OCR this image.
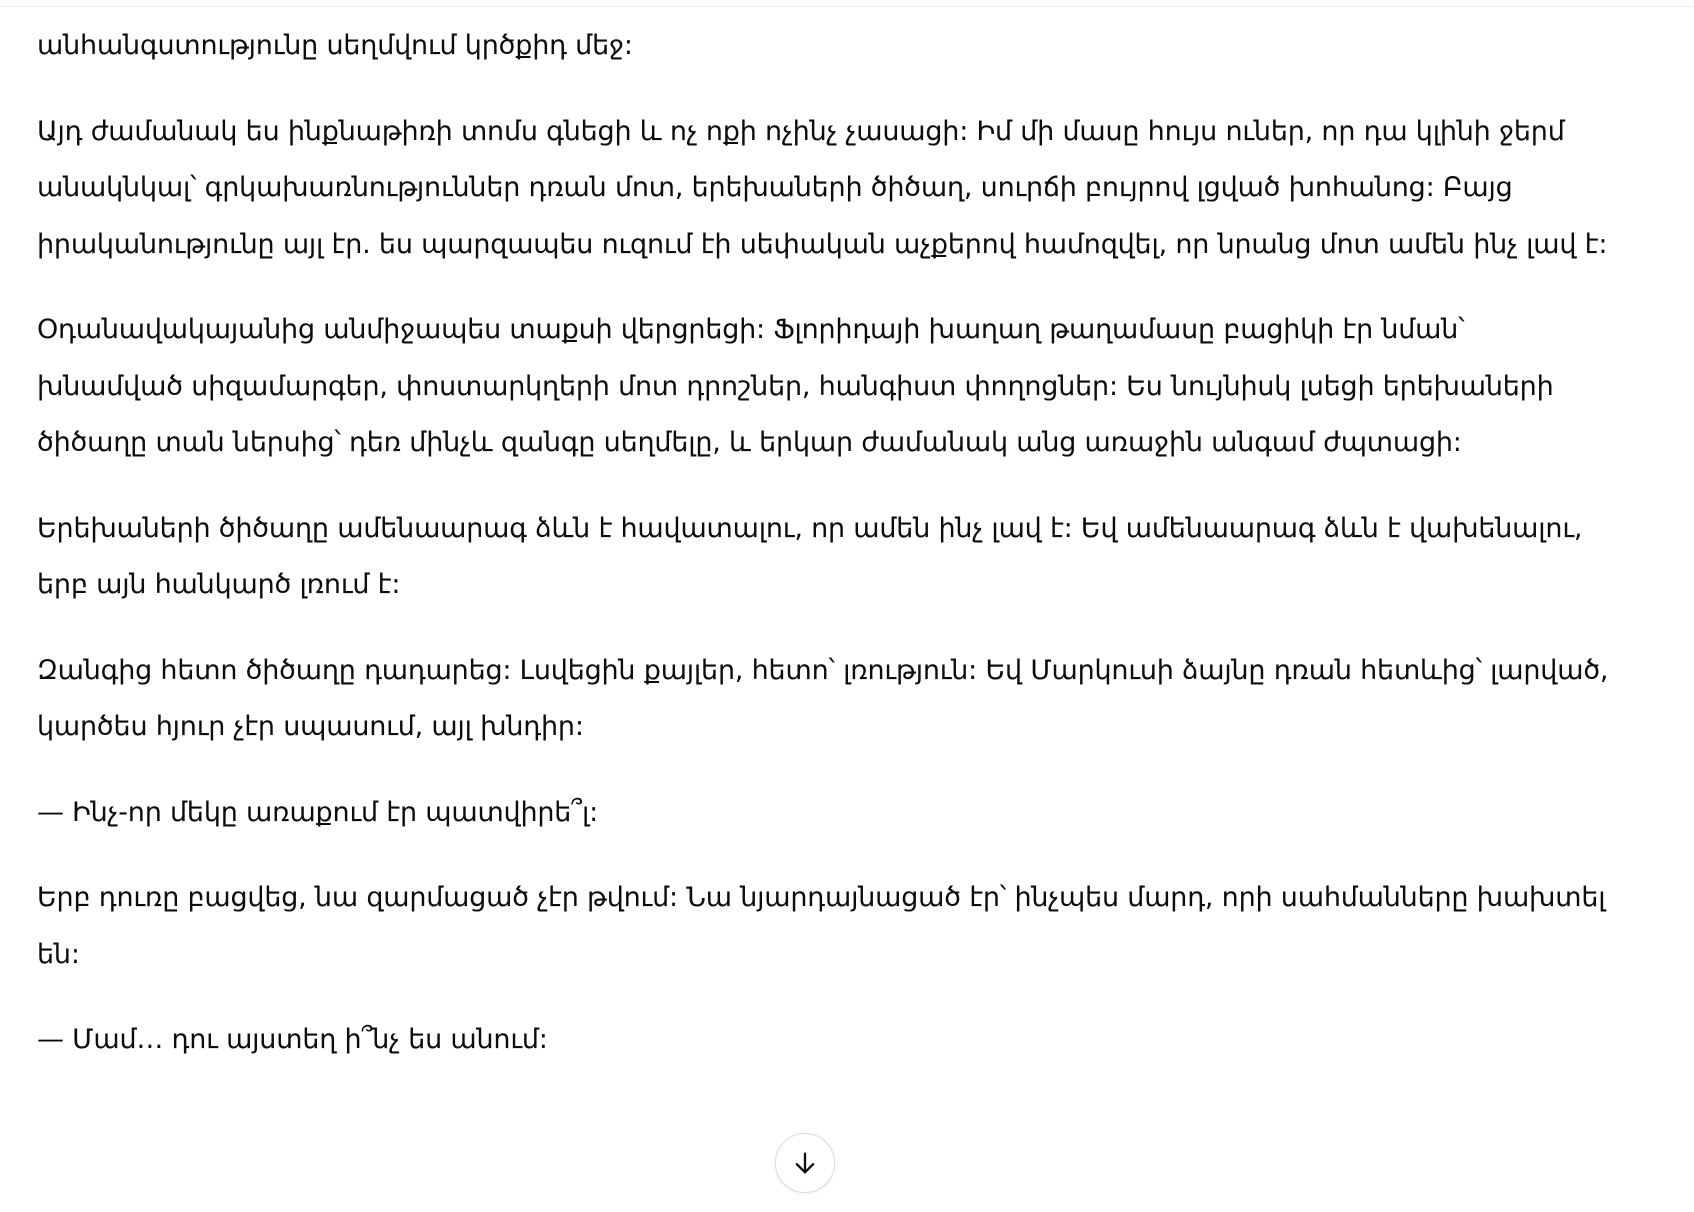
անհանգստությունը սեղմվում կրծքիդ մեջ:

Այդ ժամանակ ես ինքնաթիռի տոմս գնեցի և ոչ ոքի ոչինչ չասացի: Իմ մի մասը հույս ուներ, որ դա կլինի ջերմ անակնկալ՝ գրկախառնություններ դռան մոտ, երեխաների ծիծաղ, սուրճի բույրով լցված խոհանոց: Բայց իրականությունը այլ էր. ես պարզապես ուզում էի սեփական աչքերով համոզվել, որ նրանց մոտ ամեն ինչ լավ է:

Օդանավակայանից անմիջապես տաքսի վերցրեցի: Ֆլորիդայի խաղաղ թաղամասը բացիկի էր նման՝ խնամված սիզամարգեր, փոստարկղերի մոտ դրոշներ, հանգիստ փողոցներ: Ես նույնիսկ լսեցի երեխաների ծիծաղը տան ներսից՝ դեռ մինչև զանգը սեղմելը, և երկար ժամանակ անց առաջին անգամ ժպտացի:

Երեխաների ծիծաղը ամենաարագ ձևն է հավատալու, որ ամեն ինչ լավ է: Եվ ամենաարագ ձևն է վախենալու, երբ այն հանկարծ լռում է:

Զանգից հետո ծիծաղը դադարեց: Լսվեցին քայլեր, հետո՝ լռություն: Եվ Մարկուսի ձայնը դռան հետևից՝ լարված, կարծես հյուր չէր սպասում, այլ խնդիր:

— Ինչ-որ մեկը առաքում էր պատվիրե՞լ:

Երբ դուռը բացվեց, նա զարմացած չէր թվում: Նա նյարդայնացած էր՝ ինչպես մարդ, որի սահմանները խախտել են:

— Մամ… դու այստեղ ի՞նչ ես անում:
